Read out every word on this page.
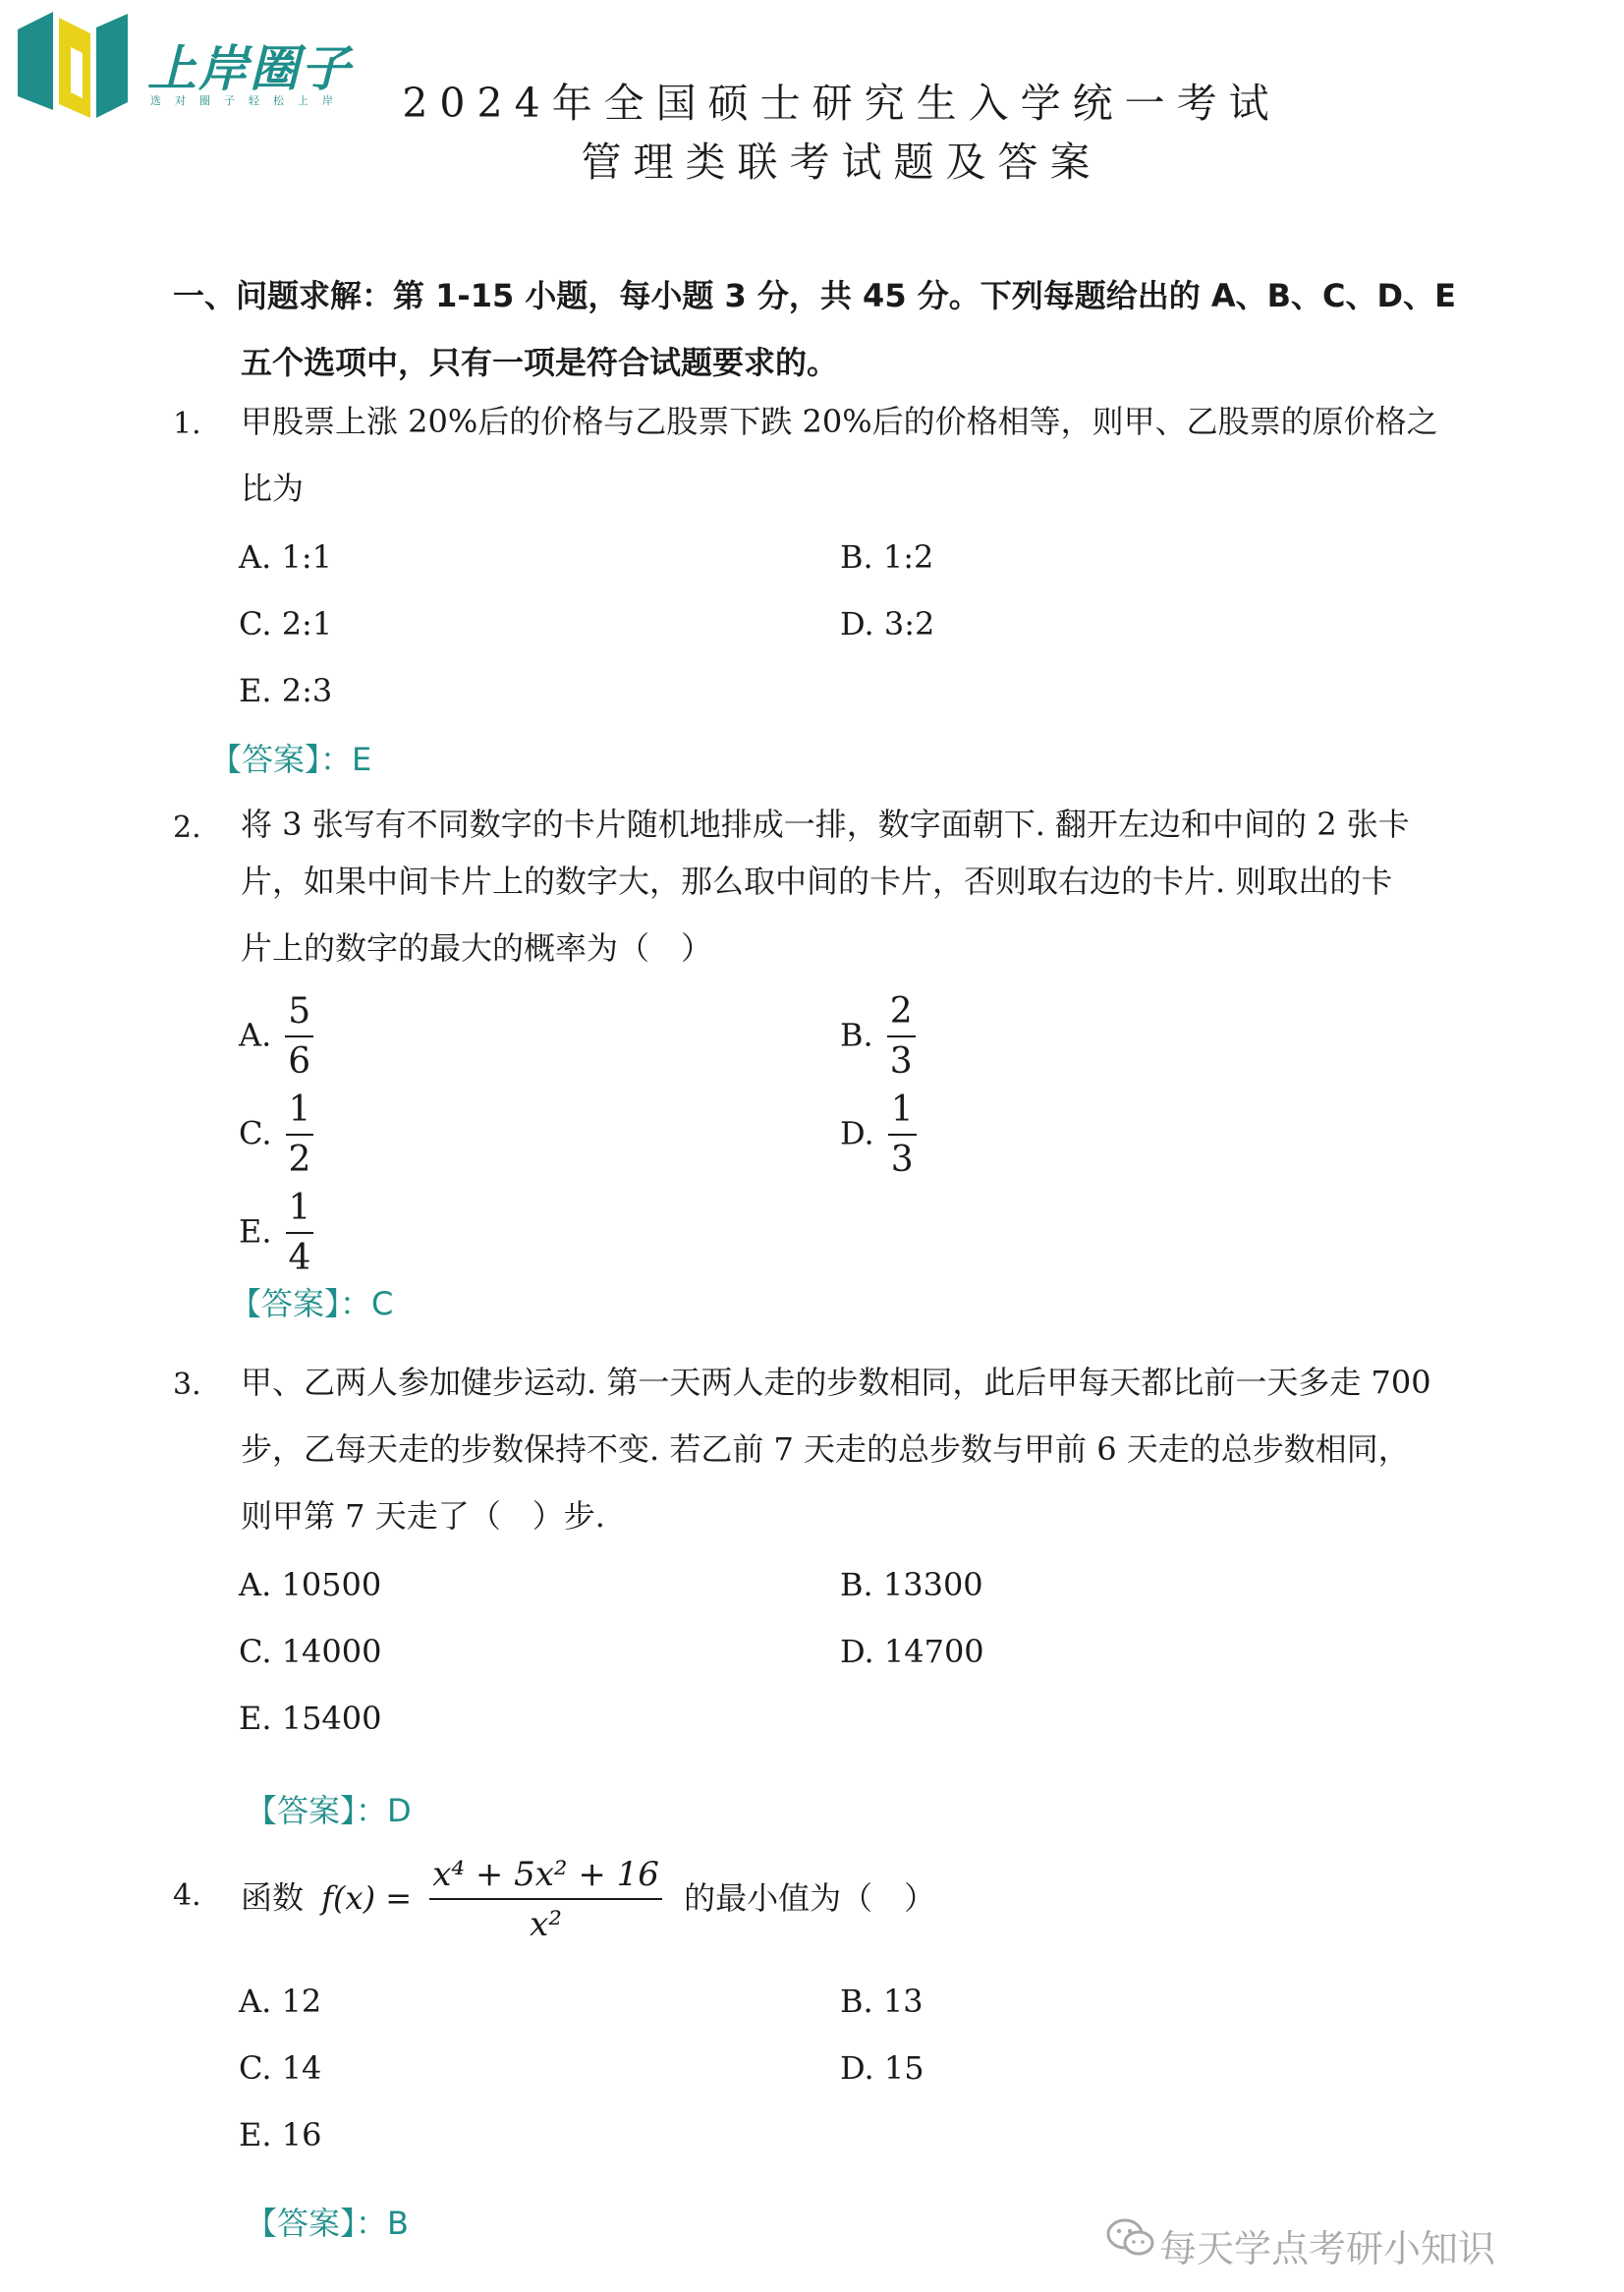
上岸圈子
选对圈子轻松上岸	2024年全国硕士研究生入学统一考试
管理类联考试题及答案
一、问题求解：第 1-15 小题，每小题 3 分，共 45 分。下列每题给出的 A、B、C、D、E
五个选项中，只有一项是符合试题要求的。
1. 甲股票上涨 20%后的价格与乙股票下跌 20%后的价格相等，则甲、乙股票的原价格之
比为
A. 1:1	B. 1:2
C. 2:1	D. 3:2
E. 2:3
【答案】：E
2. 将 3 张写有不同数字的卡片随机地排成一排，数字面朝下. 翻开左边和中间的 2 张卡
片，如果中间卡片上的数字大，那么取中间的卡片，否则取右边的卡片. 则取出的卡
片上的数字的最大的概率为（　）
A. $\frac{5}{6}$	B. $\frac{2}{3}$
C. $\frac{1}{2}$	D. $\frac{1}{3}$
E. $\frac{1}{4}$
【答案】：C
3. 甲、乙两人参加健步运动. 第一天两人走的步数相同，此后甲每天都比前一天多走 700
步，乙每天走的步数保持不变. 若乙前 7 天走的总步数与甲前 6 天走的总步数相同，
则甲第 7 天走了（　）步.
A. 10500	B. 13300
C. 14000	D. 14700
E. 15400
【答案】：D
4. 函数 $f(x) = \frac{\text{x⁴ + 5x² + 16}}{\text{x²}}$ 的最小值为（　）
A. 12	B. 13
C. 14	D. 15
E. 16
【答案】：B
每天学点考研小知识
